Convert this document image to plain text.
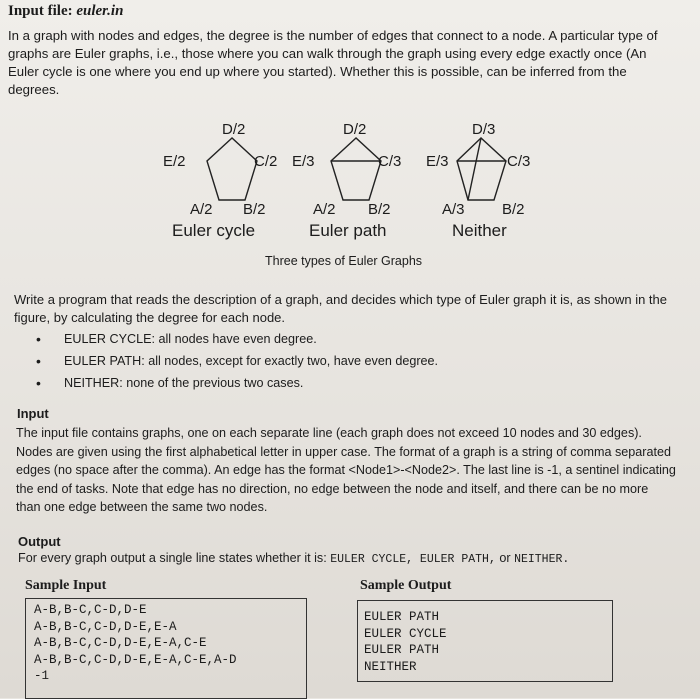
Input file: euler.in
In a graph with nodes and edges, the degree is the number of edges that connect to a node. A particular type of graphs are Euler graphs, i.e., those where you can walk through the graph using every edge exactly once (An Euler cycle is one where you end up where you started). Whether this is possible, can be inferred from the degrees.
D/2
E/2	C/2
A/2 B/2
D/2
E/3	C/3
A/2 B/2
D/3
E/3	C/3
A/3 B/2
Euler cycle	Euler path	Neither
Three types of Euler Graphs
Write a program that reads the description of a graph, and decides which type of Euler graph it is, as shown in the figure, by calculating the degree for each node.
• EULER CYCLE: all nodes have even degree.
• EULER PATH: all nodes, except for exactly two, have even degree.
• NEITHER: none of the previous two cases.
Input
The input file contains graphs, one on each separate line (each graph does not exceed 10 nodes and 30 edges). Nodes are given using the first alphabetical letter in upper case. The format of a graph is a string of comma separated edges (no space after the comma). An edge has the format <Node1>-<Node2>. The last line is -1, a sentinel indicating the end of tasks. Note that edge has no direction, no edge between the node and itself, and there can be no more than one edge between the same two nodes.
Output
For every graph output a single line states whether it is: EULER CYCLE, EULER PATH, or NEITHER.
Sample Input	Sample Output
A-B,B-C,C-D,D-E
A-B,B-C,C-D,D-E,E-A
A-B,B-C,C-D,D-E,E-A,C-E
A-B,B-C,C-D,D-E,E-A,C-E,A-D
-1
EULER PATH
EULER CYCLE
EULER PATH
NEITHER
